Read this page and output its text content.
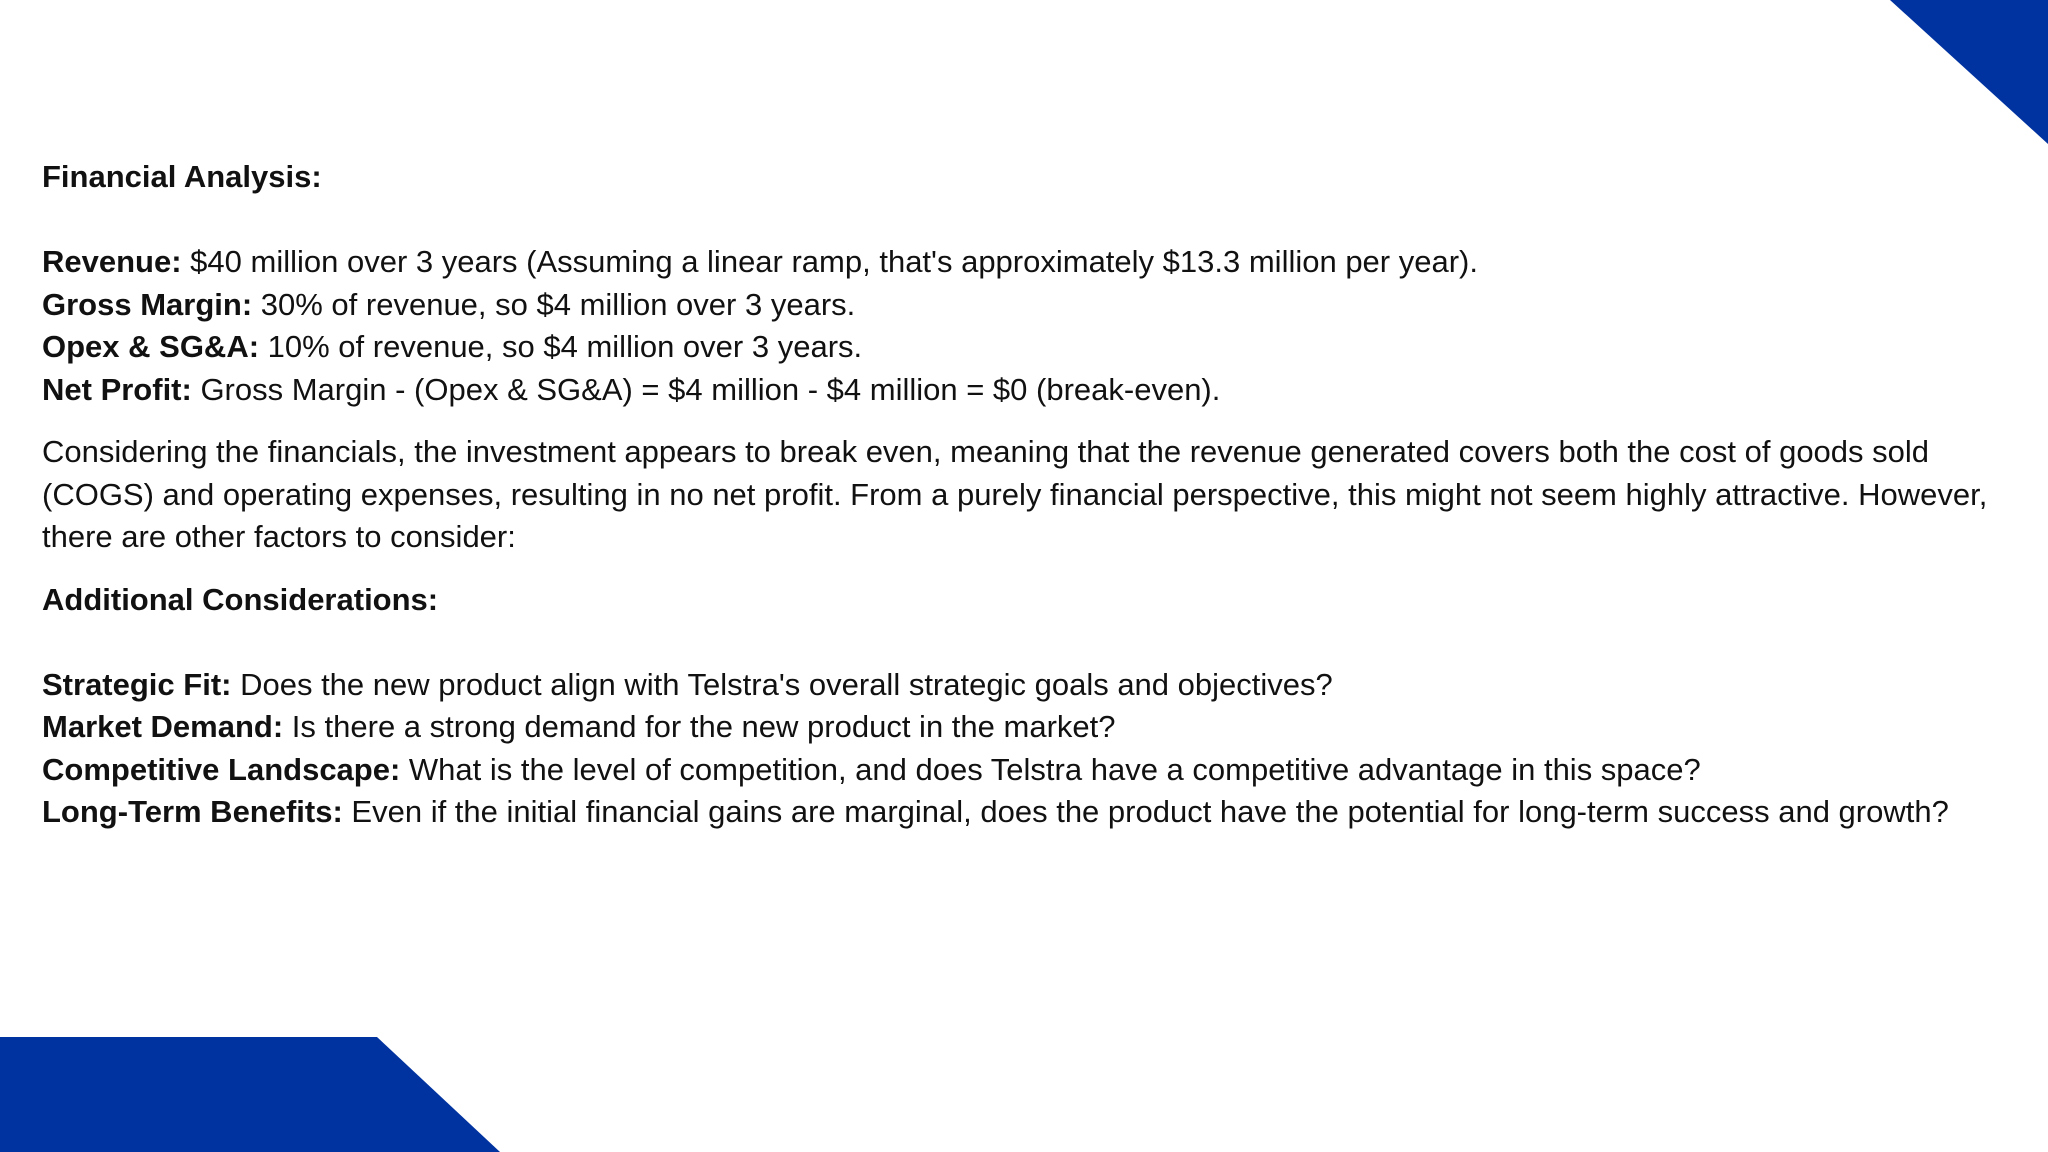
Financial Analysis:

Revenue: $40 million over 3 years (Assuming a linear ramp, that's approximately $13.3 million per year).

Gross Margin: 30% of revenue, so $4 million over 3 years.

Opex & SG&A: 10% of revenue, so $4 million over 3 years.

Net Profit: Gross Margin - (Opex & SG&A) = $4 million - $4 million = $0 (break-even).

Considering the financials, the investment appears to break even, meaning that the revenue generated covers both the cost of goods sold (COGS) and operating expenses, resulting in no net profit. From a purely financial perspective, this might not seem highly attractive. However, there are other factors to consider:

Additional Considerations:

Strategic Fit: Does the new product align with Telstra's overall strategic goals and objectives?

Market Demand: Is there a strong demand for the new product in the market?

Competitive Landscape: What is the level of competition, and does Telstra have a competitive advantage in this space?

Long-Term Benefits: Even if the initial financial gains are marginal, does the product have the potential for long-term success and growth?
